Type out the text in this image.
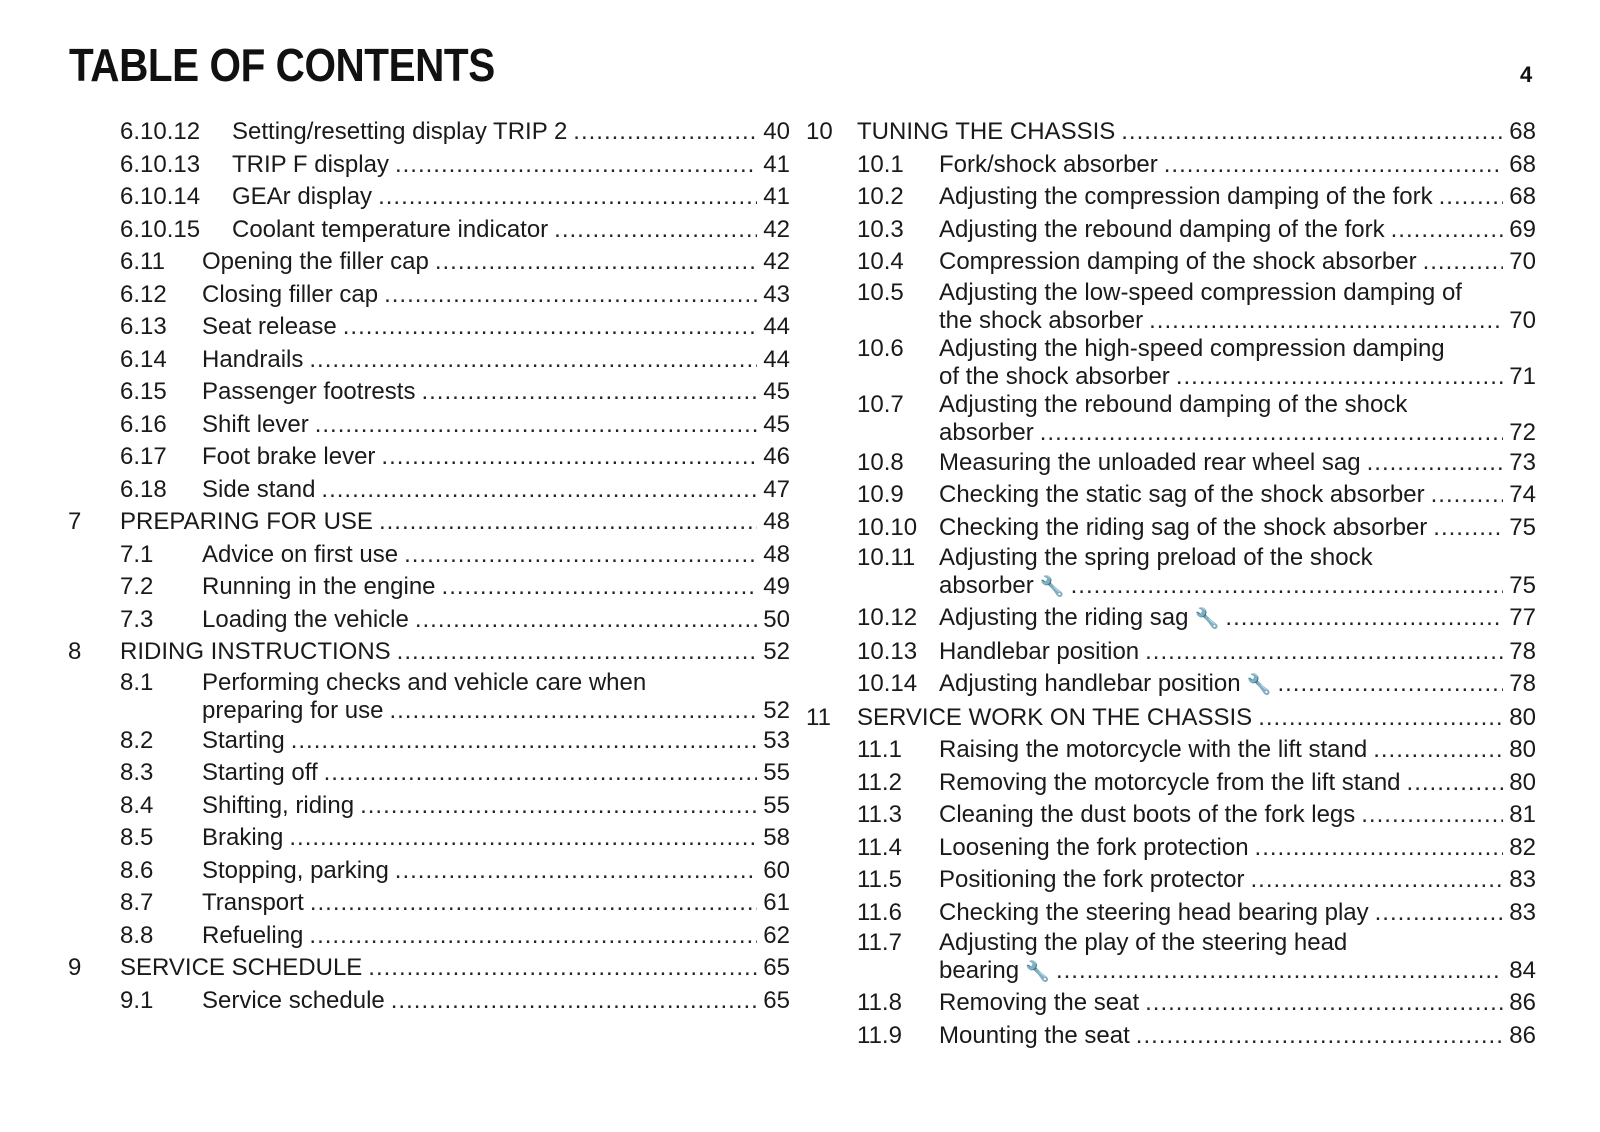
TABLE OF CONTENTS	4
6.10.12	Setting/resetting display TRIP 2 .....	40
6.10.13	TRIP F display .....	41
6.10.14	GEAr display .....	41
6.10.15	Coolant temperature indicator .....	42
6.11	Opening the filler cap .....	42
6.12	Closing filler cap .....	43
6.13	Seat release .....	44
6.14	Handrails .....	44
6.15	Passenger footrests .....	45
6.16	Shift lever .....	45
6.17	Foot brake lever .....	46
6.18	Side stand .....	47
7	PREPARING FOR USE .....	48
7.1	Advice on first use .....	48
7.2	Running in the engine .....	49
7.3	Loading the vehicle .....	50
8	RIDING INSTRUCTIONS .....	52
8.1	Performing checks and vehicle care when
preparing for use .....	52
8.2	Starting .....	53
8.3	Starting off .....	55
8.4	Shifting, riding .....	55
8.5	Braking .....	58
8.6	Stopping, parking .....	60
8.7	Transport .....	61
8.8	Refueling .....	62
9	SERVICE SCHEDULE .....	65
9.1	Service schedule .....	65
10	TUNING THE CHASSIS .....	68
10.1	Fork/shock absorber .....	68
10.2	Adjusting the compression damping of the fork .....	68
10.3	Adjusting the rebound damping of the fork .....	69
10.4	Compression damping of the shock absorber .....	70
10.5	Adjusting the low-speed compression damping of
the shock absorber .....	70
10.6	Adjusting the high-speed compression damping
of the shock absorber .....	71
10.7	Adjusting the rebound damping of the shock
absorber .....	72
10.8	Measuring the unloaded rear wheel sag .....	73
10.9	Checking the static sag of the shock absorber .....	74
10.10 Checking the riding sag of the shock absorber .....	75
10.11 Adjusting the spring preload of the shock
absorber 🔧 .....	75
10.12 Adjusting the riding sag 🔧 .....	77
10.13 Handlebar position .....	78
10.14 Adjusting handlebar position 🔧 .....	78
11	SERVICE WORK ON THE CHASSIS .....	80
11.1	Raising the motorcycle with the lift stand .....	80
11.2	Removing the motorcycle from the lift stand .....	80
11.3	Cleaning the dust boots of the fork legs .....	81
11.4	Loosening the fork protection .....	82
11.5	Positioning the fork protector .....	83
11.6	Checking the steering head bearing play .....	83
11.7	Adjusting the play of the steering head
bearing 🔧 .....	84
11.8	Removing the seat .....	86
11.9	Mounting the seat .....	86
